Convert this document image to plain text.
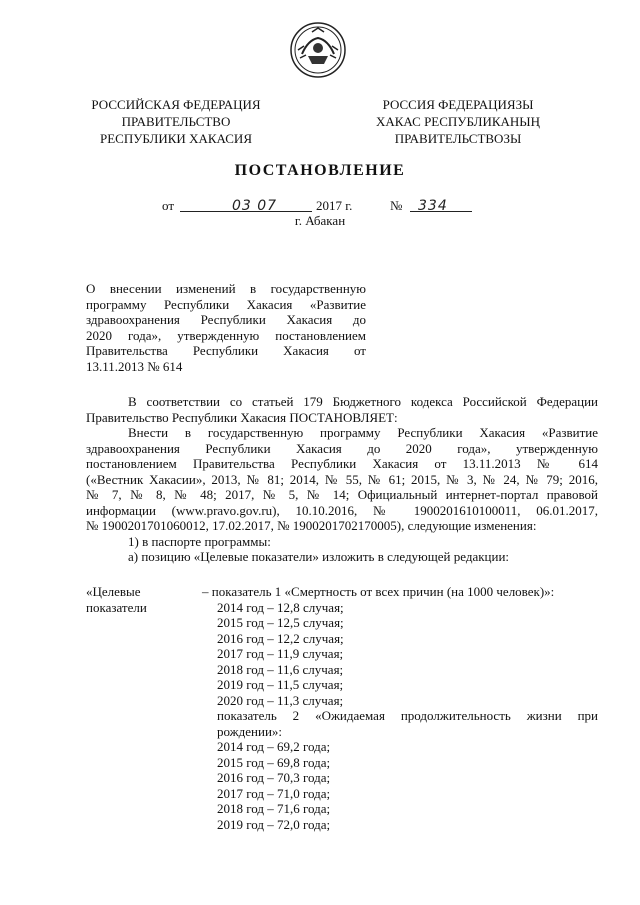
РОССИЙСКАЯ ФЕДЕРАЦИЯ
ПРАВИТЕЛЬСТВО
РЕСПУБЛИКИ ХАКАСИЯ
РОССИЯ ФЕДЕРАЦИЯЗЫ
ХАКАС РЕСПУБЛИКАНЫҢ
ПРАВИТЕЛЬСТВОЗЫ
ПОСТАНОВЛЕНИЕ
от	03 07	2017 г.	№ 334
г. Абакан
О внесении изменений в государственную
программу Республики Хакасия «Развитие
здравоохранения Республики Хакасия до
2020 года», утвержденную постановлением
Правительства Республики Хакасия от
13.11.2013 № 614
В соответствии со статьей 179 Бюджетного кодекса Российской Федерации
Правительство Республики Хакасия ПОСТАНОВЛЯЕТ:
Внести в государственную программу Республики Хакасия «Развитие
здравоохранения Республики Хакасия до 2020 года», утвержденную
постановлением Правительства Республики Хакасия от 13.11.2013 № 614
(«Вестник Хакасии», 2013, № 81; 2014, № 55, № 61; 2015, № 3, № 24, № 79; 2016,
№ 7, № 8, № 48; 2017, № 5, № 14; Официальный интернет-портал правовой
информации (www.pravo.gov.ru), 10.10.2016, № 1900201610100011, 06.01.2017,
№ 1900201701060012, 17.02.2017, № 1900201702170005), следующие изменения:
1) в паспорте программы:
а) позицию «Целевые показатели» изложить в следующей редакции:
«Целевые
показатели
– показатель 1 «Смертность от всех причин (на 1000 человек)»:
2014 год – 12,8 случая;
2015 год – 12,5 случая;
2016 год – 12,2 случая;
2017 год – 11,9 случая;
2018 год – 11,6 случая;
2019 год – 11,5 случая;
2020 год – 11,3 случая;
показатель 2 «Ожидаемая продолжительность жизни при
рождении»:
2014 год – 69,2 года;
2015 год – 69,8 года;
2016 год – 70,3 года;
2017 год – 71,0 года;
2018 год – 71,6 года;
2019 год – 72,0 года;
